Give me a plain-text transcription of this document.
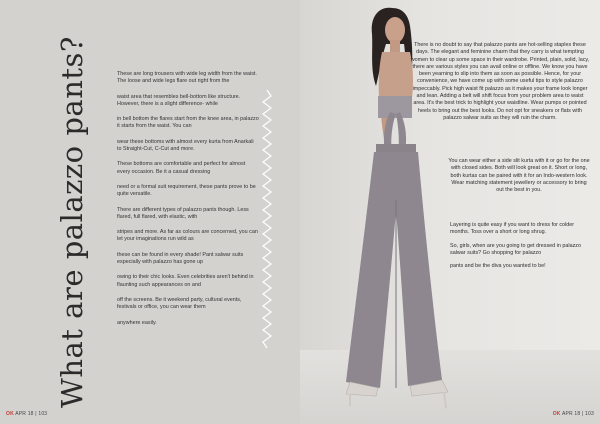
What are palazzo pants?	These are long trousers with wide leg width from the waist. The loose and wide legs flare out right from the

waist area that resembles bell-bottom like structure. However, there is a slight difference- while

in bell bottom the flares start from the knee area, in palazzo it starts from the waist. You can

wear these bottoms with almost every kurta from Anarkali to Straight-Cut, C-Cut and more.

These bottoms are comfortable and perfect for almost every occasion. Be it a casual dressing

need or a formal suit requirement, these pants prove to be quite versatile.

There are different types of palazzo pants though. Less flared, full flared, with elastic, with

stripes and more. As far as colours are concerned, you can let your imaginations run wild as

these can be found in every shade! Pant salwar suits especially with palazzo has gone up

owing to their chic looks. Even celebrities aren't behind in flaunting such appearances on and

off the screens. Be it weekend party, cultural events, festivals or office, you can wear them

anywhere easily.

OK APR 18 | 103

There is no doubt to say that palazzo pants are hot-selling staples these days. The elegant and feminine charm that they carry is what tempting women to clear up some space in their wardrobe. Printed, plain, solid, lacy, there are various styles you can avail online or offline. We know you have been yearning to slip into them as soon as possible. Hence, for your convenience, we have come up with some useful tips to style palazzo impeccably. Pick high waist fit palazzo as it makes your frame look longer and lean. Adding a belt will shift focus from your problem area to waist area. It's the best trick to highlight your waistline. Wear pumps or pointed heels to bring out the best looks. Do not opt for sneakers or flats with palazzo salwar suits as they will ruin the charm.

You can wear either a side slit kurta with it or go for the one with closed sides. Both will look great on it. Short or long, both kurtas can be paired with it for an Indo-western look. Wear matching statement jewellery or accessory to bring out the best in you.

Layering is quite easy if you want to dress for colder months. Toss over a short or long shrug.

So, girls, when are you going to get dressed in palazzo salwar suits? Go shopping for palazzo

pants and be the diva you wanted to be!

OK APR 18 | 103
